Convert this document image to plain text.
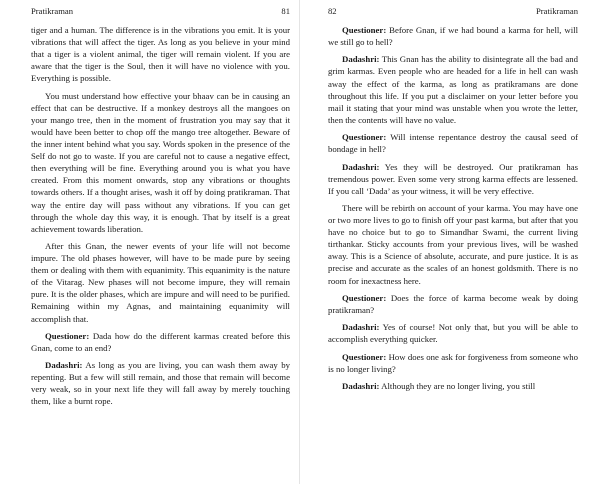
Pratikraman	81

tiger and a human. The difference is in the vibrations you emit. It is your vibrations that will affect the tiger. As long as you believe in your mind that a tiger is a violent animal, the tiger will remain violent. If you are aware that the tiger is the Soul, then it will have no violence with you. Everything is possible.

You must understand how effective your bhaav can be in causing an effect that can be destructive. If a monkey destroys all the mangoes on your mango tree, then in the moment of frustration you may say that it would have been better to chop off the mango tree altogether. Beware of the inner intent behind what you say. Words spoken in the presence of the Self do not go to waste. If you are careful not to cause a negative effect, then everything will be fine. Everything around you is what you have created. From this moment onwards, stop any vibrations or thoughts towards others. If a thought arises, wash it off by doing pratikraman. That way the entire day will pass without any vibrations. If you can get through the whole day this way, it is enough. That by itself is a great achievement towards liberation.

After this Gnan, the newer events of your life will not become impure. The old phases however, will have to be made pure by seeing them or dealing with them with equanimity. This equanimity is the nature of the Vitarag. New phases will not become impure, they will remain pure. It is the older phases, which are impure and will need to be purified. Remaining within my Agnas, and maintaining equanimity will accomplish that.

Questioner: Dada how do the different karmas created before this Gnan, come to an end?

Dadashri: As long as you are living, you can wash them away by repenting. But a few will still remain, and those that remain will become very weak, so in your next life they will fall away by merely touching them, like a burnt rope.

82	Pratikraman

Questioner: Before Gnan, if we had bound a karma for hell, will we still go to hell?

Dadashri: This Gnan has the ability to disintegrate all the bad and grim karmas. Even people who are headed for a life in hell can wash away the effect of the karma, as long as pratikramans are done throughout this life. If you put a disclaimer on your letter before you mail it stating that your mind was unstable when you wrote the letter, then the contents will have no value.

Questioner: Will intense repentance destroy the causal seed of bondage in hell?

Dadashri: Yes they will be destroyed. Our pratikraman has tremendous power. Even some very strong karma effects are lessened. If you call ‘Dada’ as your witness, it will be very effective.

There will be rebirth on account of your karma. You may have one or two more lives to go to finish off your past karma, but after that you have no choice but to go to Simandhar Swami, the current living tirthankar. Sticky accounts from your previous lives, will be washed away. This is a Science of absolute, accurate, and pure justice. It is as precise and accurate as the scales of an honest goldsmith. There is no room for inexactness here.

Questioner: Does the force of karma become weak by doing pratikraman?

Dadashri: Yes of course! Not only that, but you will be able to accomplish everything quicker.

Questioner: How does one ask for forgiveness from someone who is no longer living?

Dadashri: Although they are no longer living, you still
